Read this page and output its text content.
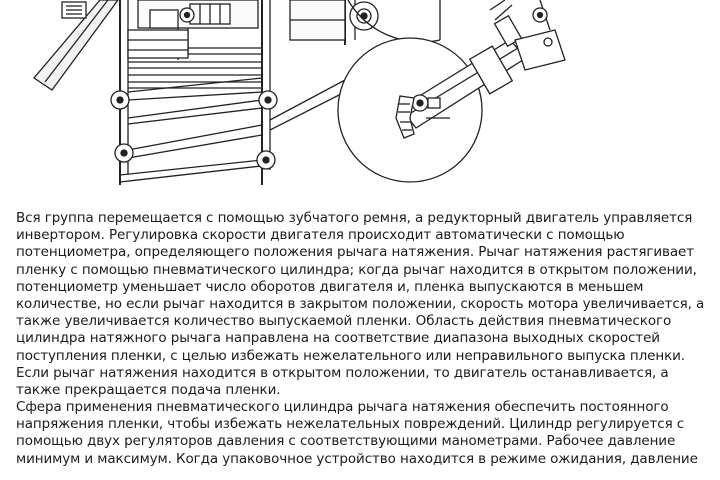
Вся группа перемещается с помощью зубчатого ремня, а редукторный двигатель управляется
инвертором. Регулировка скорости двигателя происходит автоматически с помощью
потенциометра, определяющего положения рычага натяжения. Рычаг натяжения растягивает
пленку с помощью пневматического цилиндра; когда рычаг находится в открытом положении,
потенциометр уменьшает число оборотов двигателя и, пленка выпускаются в меньшем
количестве, но если рычаг находится в закрытом положении, скорость мотора увеличивается, а
также увеличивается количество выпускаемой пленки. Область действия пневматического
цилиндра натяжного рычага направлена на соответствие диапазона выходных скоростей
поступления пленки, с целью избежать нежелательного или неправильного выпуска пленки.
Если рычаг натяжения находится в открытом положении, то двигатель останавливается, а
также прекращается подача пленки.
Сфера применения пневматического цилиндра рычага натяжения обеспечить постоянного
напряжения пленки, чтобы избежать нежелательных повреждений. Цилиндр регулируется с
помощью двух регуляторов давления с соответствующими манометрами. Рабочее давление
минимум и максимум. Когда упаковочное устройство находится в режиме ожидания, давление
